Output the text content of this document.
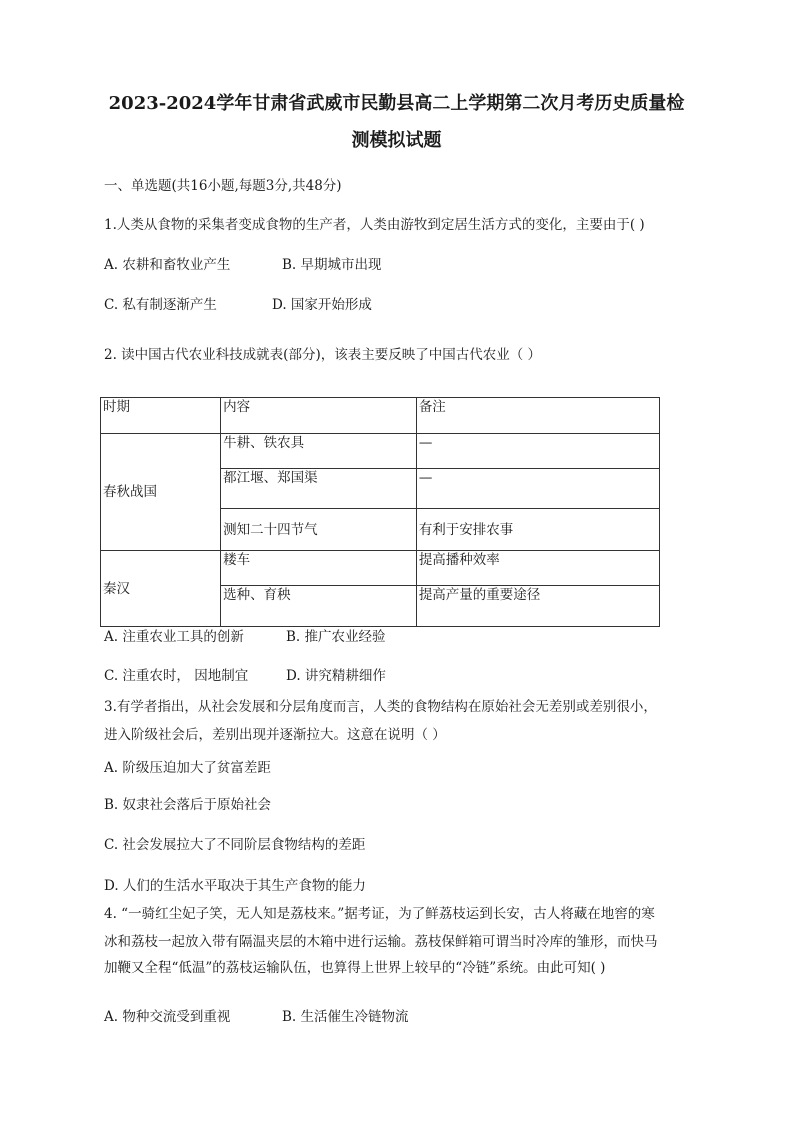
2023-2024学年甘肃省武威市民勤县高二上学期第二次月考历史质量检
测模拟试题
一、单选题(共16小题,每题3分,共48分)
1.人类从食物的采集者变成食物的生产者，人类由游牧到定居生活方式的变化，主要由于( )
A. 农耕和畜牧业产生	B. 早期城市出现
C. 私有制逐渐产生	D. 国家开始形成
2. 读中国古代农业科技成就表(部分)，该表主要反映了中国古代农业（ ）
时期	内容	备注
春秋战国	牛耕、铁农具	—
	都江堰、郑国渠	—
	测知二十四节气	有利于安排农事
秦汉	耧车	提高播种效率
	选种、育秧	提高产量的重要途径
A. 注重农业工具的创新	B. 推广农业经验
C. 注重农时， 因地制宜	D. 讲究精耕细作
3.有学者指出，从社会发展和分层角度而言，人类的食物结构在原始社会无差别或差别很小，
进入阶级社会后，差别出现并逐渐拉大。这意在说明（ ）
A. 阶级压迫加大了贫富差距
B. 奴隶社会落后于原始社会
C. 社会发展拉大了不同阶层食物结构的差距
D. 人们的生活水平取决于其生产食物的能力
4. “一骑红尘妃子笑，无人知是荔枝来。”据考证，为了鲜荔枝运到长安，古人将藏在地窖的寒
冰和荔枝一起放入带有隔温夹层的木箱中进行运输。荔枝保鲜箱可谓当时冷库的雏形，而快马
加鞭又全程“低温”的荔枝运输队伍，也算得上世界上较早的“冷链”系统。由此可知( )
A. 物种交流受到重视	B. 生活催生冷链物流
